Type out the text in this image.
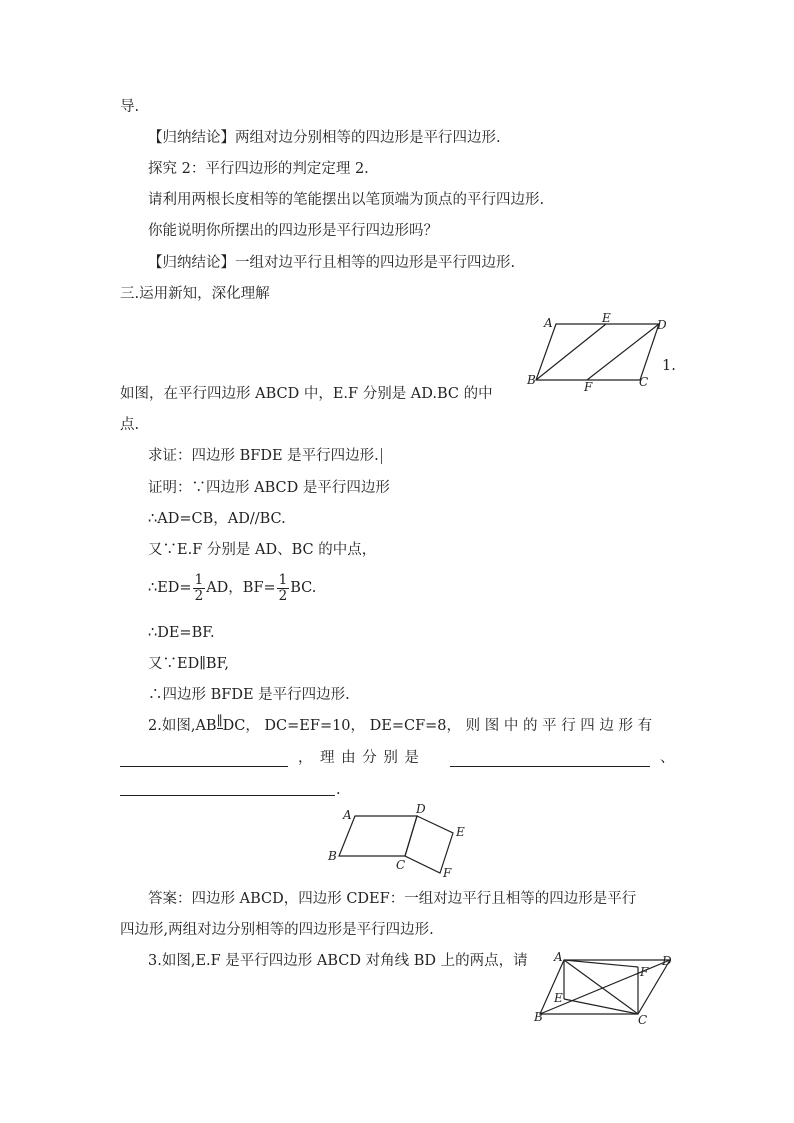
导.
【归纳结论】两组对边分别相等的四边形是平行四边形.
探究 2：平行四边形的判定定理 2.
请利用两根长度相等的笔能摆出以笔顶端为顶点的平行四边形.
你能说明你所摆出的四边形是平行四边形吗？
【归纳结论】一组对边平行且相等的四边形是平行四边形.
三.运用新知，深化理解
A	E	D
B	F	C
1.
如图，在平行四边形 ABCD 中，E.F 分别是 AD.BC 的中
点.
求证：四边形 BFDE 是平行四边形.
证明：∵四边形 ABCD 是平行四边形
∴AD=CB，AD//BC.
又∵E.F 分别是 AD、BC 的中点，
∴ED= $\frac{1}{2}$ AD，$BF= \frac{1}{2}$ BC.
∴DE=BF.
又∵ED∥BF,
∴四边形 BFDE 是平行四边形.
2.如图,AB∥DC， DC=EF=10， DE=CF=8， 则 图 中 的 平 行 四 边 形 有
， 理 由 分 别 是	、
.
A	D
E
B
C
F
答案：四边形 ABCD，四边形 CDEF：一组对边平行且相等的四边形是平行
四边形,两组对边分别相等的四边形是平行四边形.
3.如图,E.F 是平行四边形 ABCD 对角线 BD 上的两点，请 A	D
F
E
B	C
